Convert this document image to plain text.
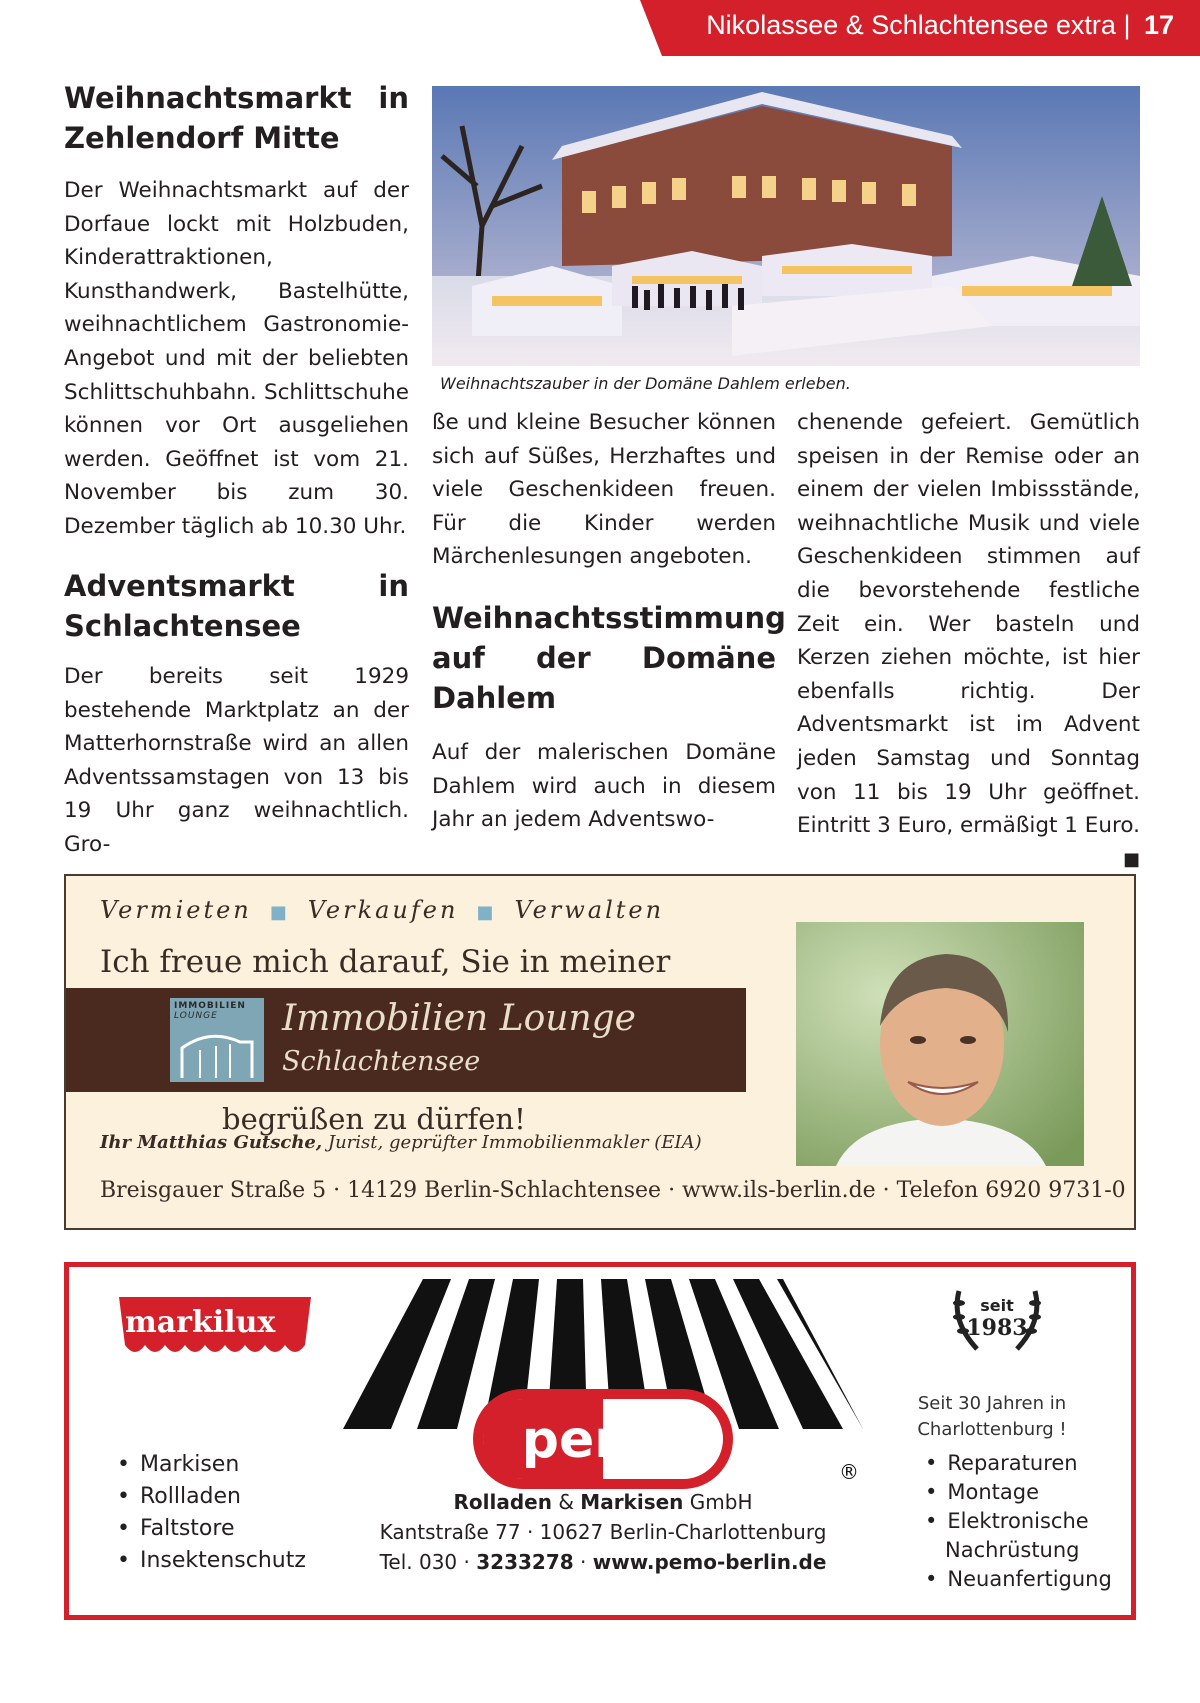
Nikolassee & Schlachtensee extra | 17
Weihnachtsmarkt in Zehlendorf Mitte

Der Weihnachtsmarkt auf der Dorfaue lockt mit Holzbuden, Kinderattraktionen, Kunsthandwerk, Bastelhütte, weihnachtlichem Gastronomie-Angebot und mit der beliebten Schlittschuhbahn. Schlittschuhe können vor Ort ausgeliehen werden. Geöffnet ist vom 21. November bis zum 30. Dezember täglich ab 10.30 Uhr.

Adventsmarkt in Schlachtensee

Der bereits seit 1929 bestehende Marktplatz an der Matterhornstraße wird an allen Adventssamstagen von 13 bis 19 Uhr ganz weihnachtlich. Gro-

Weihnachtszauber in der Domäne Dahlem erleben.

ße und kleine Besucher können sich auf Süßes, Herzhaftes und viele Geschenkideen freuen. Für die Kinder werden Märchenlesungen angeboten.

Weihnachtsstimmung auf der Domäne Dahlem

Auf der malerischen Domäne Dahlem wird auch in diesem Jahr an jedem Adventswo-

chenende gefeiert. Gemütlich speisen in der Remise oder an einem der vielen Imbissstände, weihnachtliche Musik und viele Geschenkideen stimmen auf die bevorstehende festliche Zeit ein. Wer basteln und Kerzen ziehen möchte, ist hier ebenfalls richtig. Der Adventsmarkt ist im Advent jeden Samstag und Sonntag von 11 bis 19 Uhr geöffnet. Eintritt 3 Euro, ermäßigt 1 Euro.
■

Vermieten ■ Verkaufen ■ Verwalten
Ich freue mich darauf, Sie in meiner
IMMOBILIEN
LOUNGE Immobilien Lounge
Schlachtensee
begrüßen zu dürfen!
Ihr Matthias Gutsche, Jurist, geprüfter Immobilienmakler (EIA)
Breisgauer Straße 5 · 14129 Berlin-Schlachtensee · www.ils-berlin.de · Telefon 6920 9731-0
markilux
pemo
®
seit
1983
Seit 30 Jahren in Charlottenburg !
• Markisen
• Rollladen
• Faltstore
• Insektenschutz
Rolladen & Markisen GmbH
Kantstraße 77 · 10627 Berlin-Charlottenburg
Tel. 030 · 3233278 · www.pemo-berlin.de
• Reparaturen
• Montage
• Elektronische Nachrüstung
• Neuanfertigung
